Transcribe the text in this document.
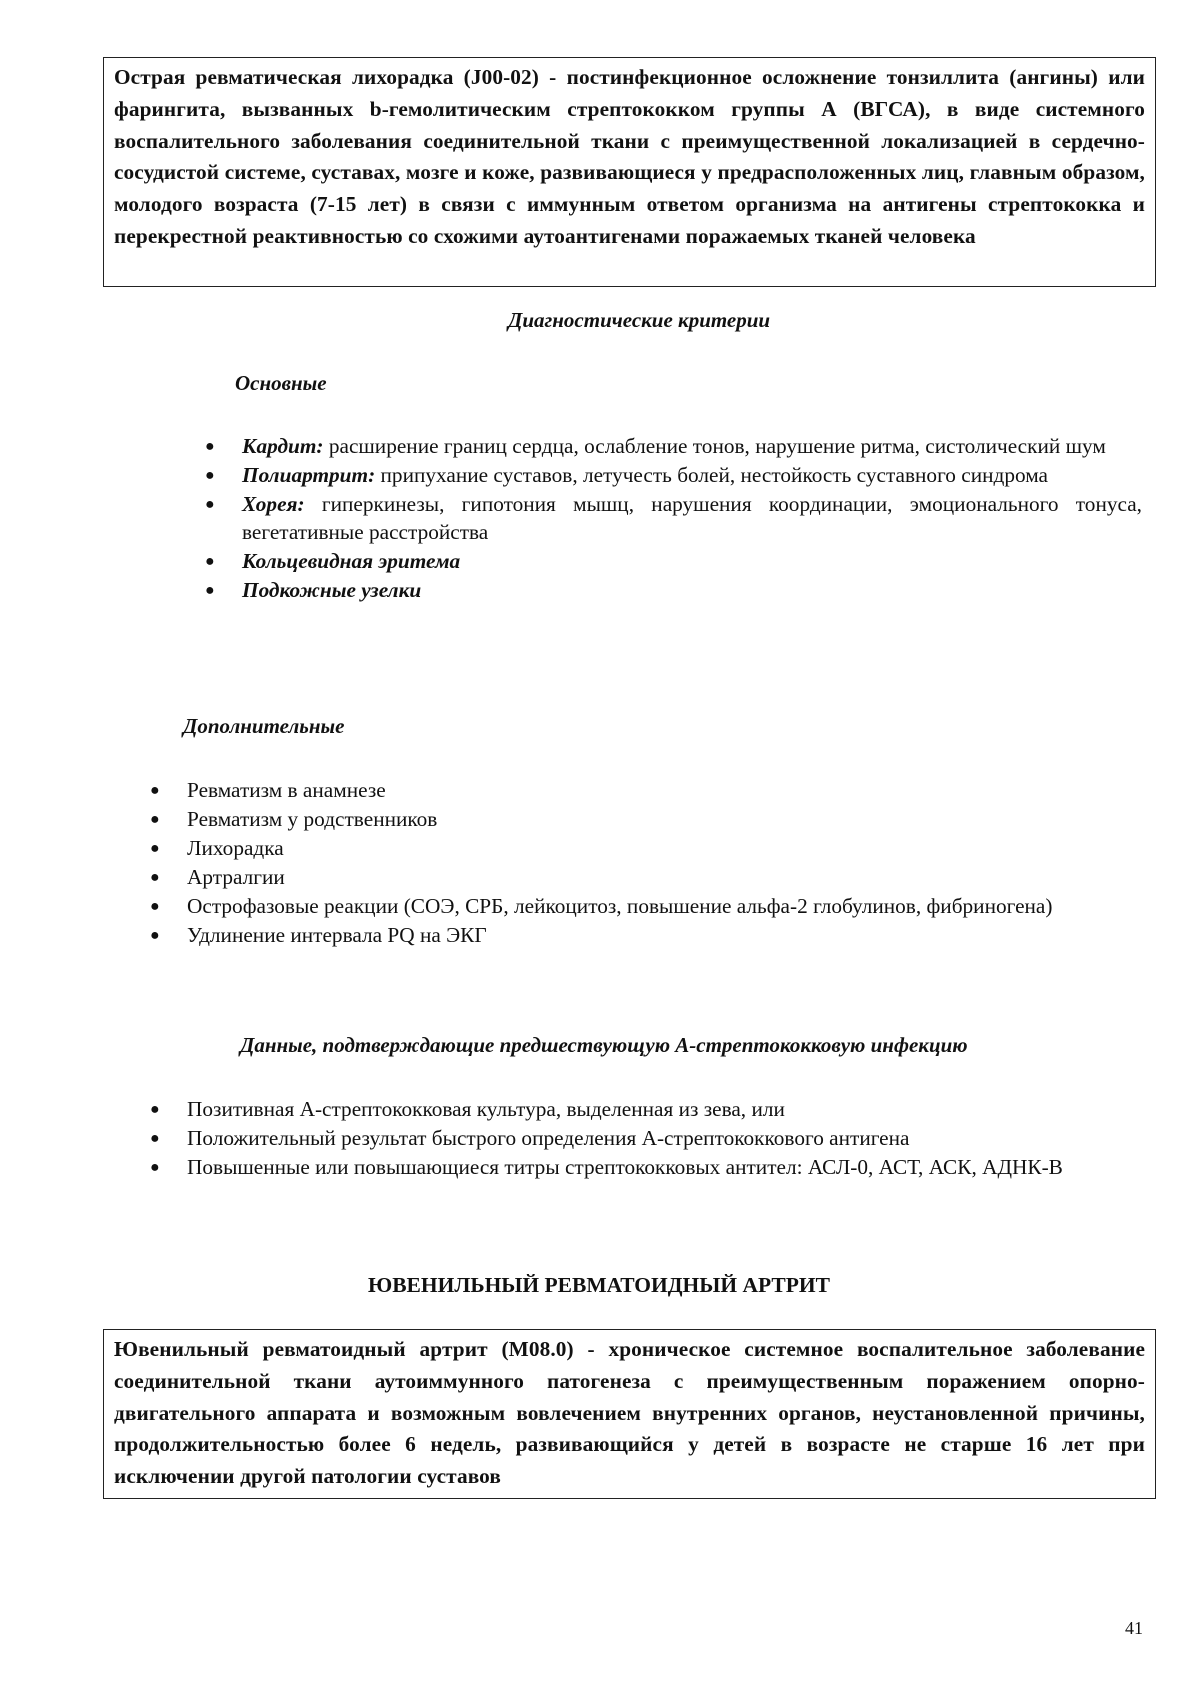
Острая ревматическая лихорадка (J00-02) - постинфекционное осложнение тонзиллита (ангины) или фарингита, вызванных b-гемолитическим стрептококком группы А (ВГСА), в виде системного воспалительного заболевания соединительной ткани с преимущественной локализацией в сердечно-сосудистой системе, суставах, мозге и коже, развивающиеся у предрасположенных лиц, главным образом, молодого возраста (7-15 лет) в связи с иммунным ответом организма на антигены стрептококка и перекрестной реактивностью со схожими аутоантигенами поражаемых тканей человека
Диагностические критерии
Основные
● Кардит: расширение границ сердца, ослабление тонов, нарушение ритма, систолический шум
● Полиартрит: припухание суставов, летучесть болей, нестойкость суставного синдрома
● Хорея: гиперкинезы, гипотония мышц, нарушения координации, эмоционального тонуса, вегетативные расстройства
● Кольцевидная эритема
● Подкожные узелки
Дополнительные
● Ревматизм в анамнезе
● Ревматизм у родственников
● Лихорадка
● Артралгии
● Острофазовые реакции (СОЭ, СРБ, лейкоцитоз, повышение альфа-2 глобулинов, фибриногена)
● Удлинение интервала PQ на ЭКГ
Данные, подтверждающие предшествующую А-стрептококковую инфекцию
● Позитивная А-стрептококковая культура, выделенная из зева, или
● Положительный результат быстрого определения А-стрептококкового антигена
● Повышенные или повышающиеся титры стрептококковых антител: АСЛ-0, АСТ, АСК, АДНК-В
ЮВЕНИЛЬНЫЙ РЕВМАТОИДНЫЙ АРТРИТ
Ювенильный ревматоидный артрит (М08.0) - хроническое системное воспалительное заболевание соединительной ткани аутоиммунного патогенеза с преимущественным поражением опорно-двигательного аппарата и возможным вовлечением внутренних органов, неустановленной причины, продолжительностью более 6 недель, развивающийся у детей в возрасте не старше 16 лет при исключении другой патологии суставов
41
